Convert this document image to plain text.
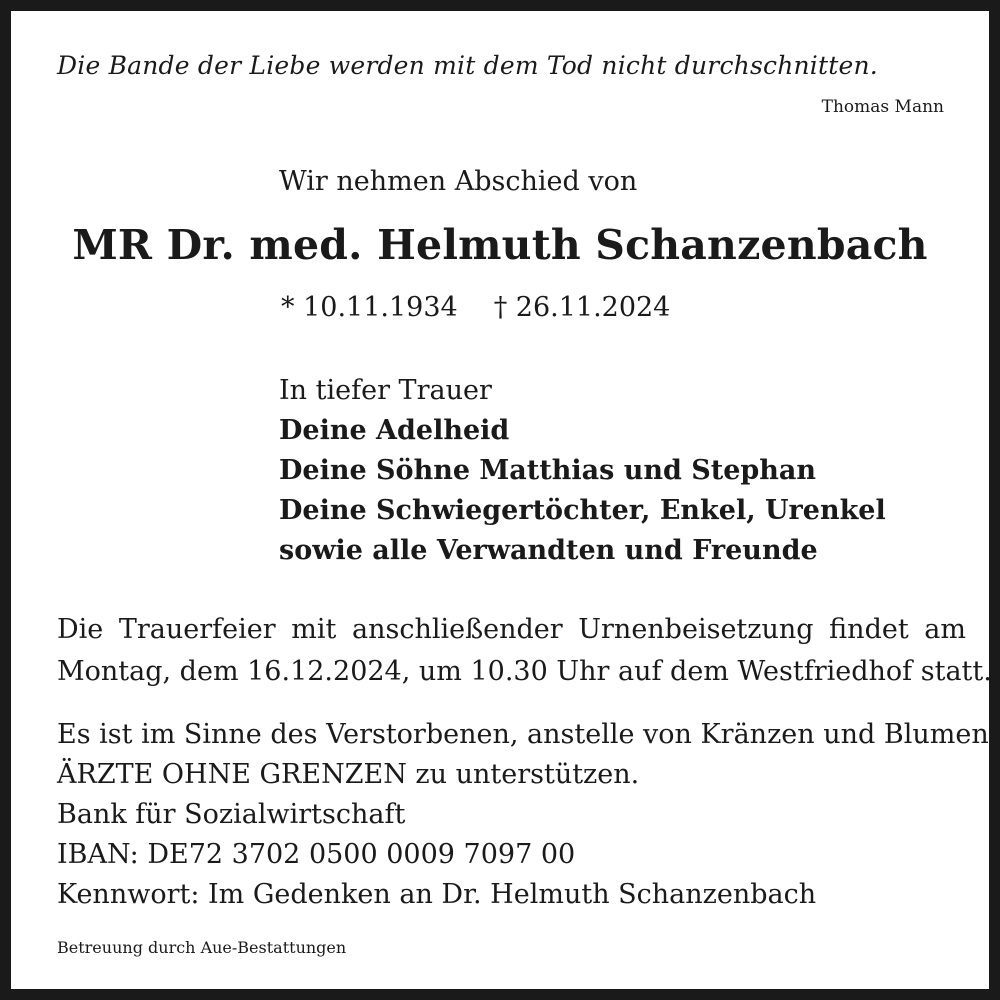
Die Bande der Liebe werden mit dem Tod nicht durchschnitten.
Thomas Mann
Wir nehmen Abschied von
MR Dr. med. Helmuth Schanzenbach
* 10.11.1934 † 26.11.2024
In tiefer Trauer
Deine Adelheid
Deine Söhne Matthias und Stephan
Deine Schwiegertöchter, Enkel, Urenkel
sowie alle Verwandten und Freunde
Die Trauerfeier mit anschließender Urnenbeisetzung findet am
Montag, dem 16.12.2024, um 10.30 Uhr auf dem Westfriedhof statt.
Es ist im Sinne des Verstorbenen, anstelle von Kränzen und Blumen,
ÄRZTE OHNE GRENZEN zu unterstützen.
Bank für Sozialwirtschaft
IBAN: DE72 3702 0500 0009 7097 00
Kennwort: Im Gedenken an Dr. Helmuth Schanzenbach
Betreuung durch Aue-Bestattungen
